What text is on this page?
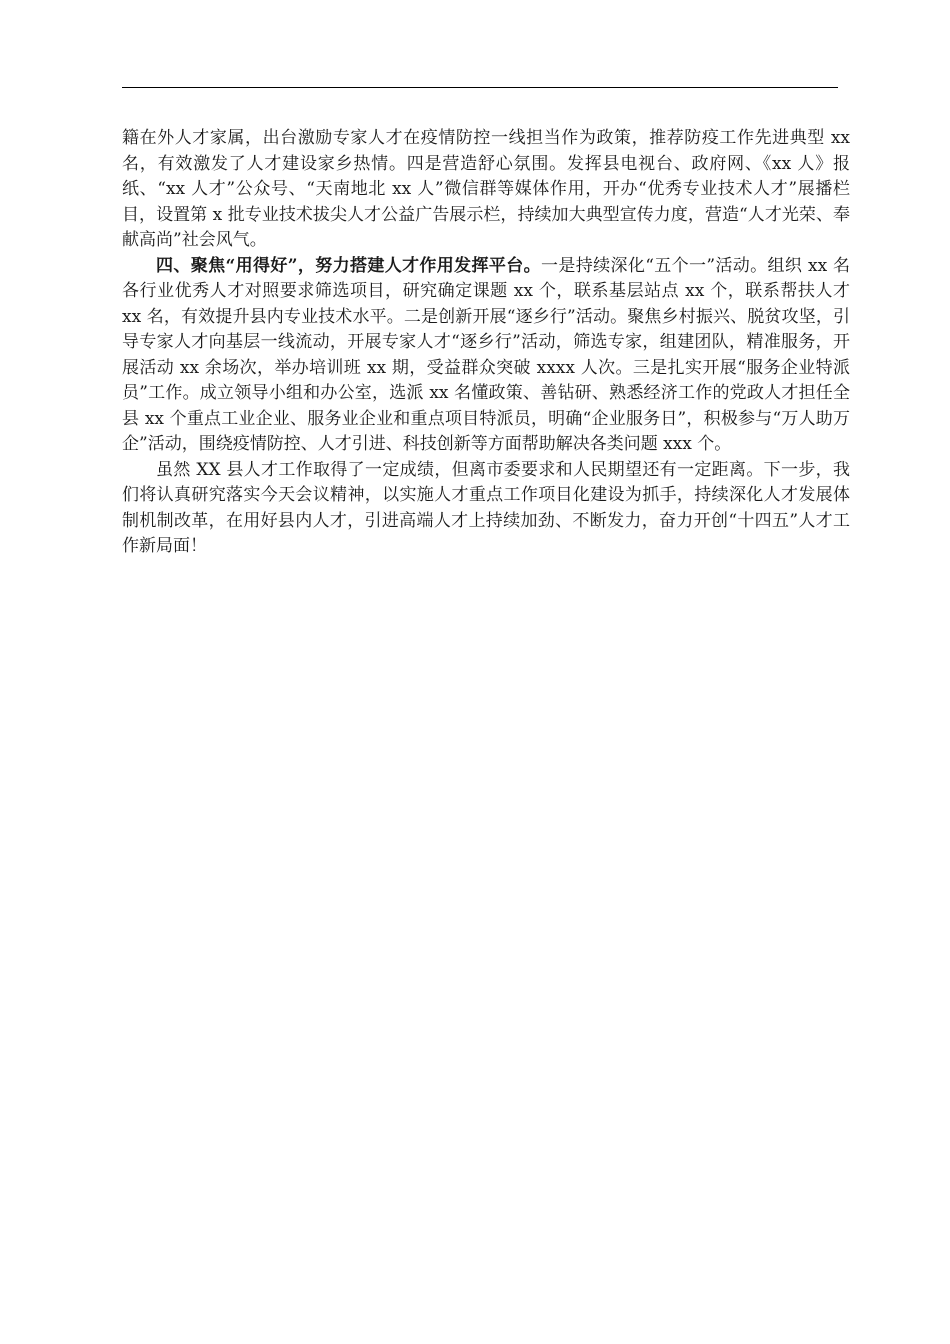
籍在外人才家属，出台激励专家人才在疫情防控一线担当作为政策，推荐防疫工作先进典型 xx 名，有效激发了人才建设家乡热情。四是营造舒心氛围。发挥县电视台、政府网、《xx 人》报纸、“xx 人才”公众号、“天南地北 xx 人”微信群等媒体作用，开办“优秀专业技术人才”展播栏目，设置第 x 批专业技术拔尖人才公益广告展示栏，持续加大典型宣传力度，营造“人才光荣、奉献高尚”社会风气。

四、聚焦“用得好”，努力搭建人才作用发挥平台。一是持续深化“五个一”活动。组织 xx 名各行业优秀人才对照要求筛选项目，研究确定课题 xx 个，联系基层站点 xx 个，联系帮扶人才 xx 名，有效提升县内专业技术水平。二是创新开展“逐乡行”活动。聚焦乡村振兴、脱贫攻坚，引导专家人才向基层一线流动，开展专家人才“逐乡行”活动，筛选专家，组建团队，精准服务，开展活动 xx 余场次，举办培训班 xx 期，受益群众突破 xxxx 人次。三是扎实开展“服务企业特派员”工作。成立领导小组和办公室，选派 xx 名懂政策、善钻研、熟悉经济工作的党政人才担任全县 xx 个重点工业企业、服务业企业和重点项目特派员，明确“企业服务日”，积极参与“万人助万企”活动，围绕疫情防控、人才引进、科技创新等方面帮助解决各类问题 xxx 个。

虽然 XX 县人才工作取得了一定成绩，但离市委要求和人民期望还有一定距离。下一步，我们将认真研究落实今天会议精神，以实施人才重点工作项目化建设为抓手，持续深化人才发展体制机制改革，在用好县内人才，引进高端人才上持续加劲、不断发力，奋力开创“十四五”人才工作新局面！
